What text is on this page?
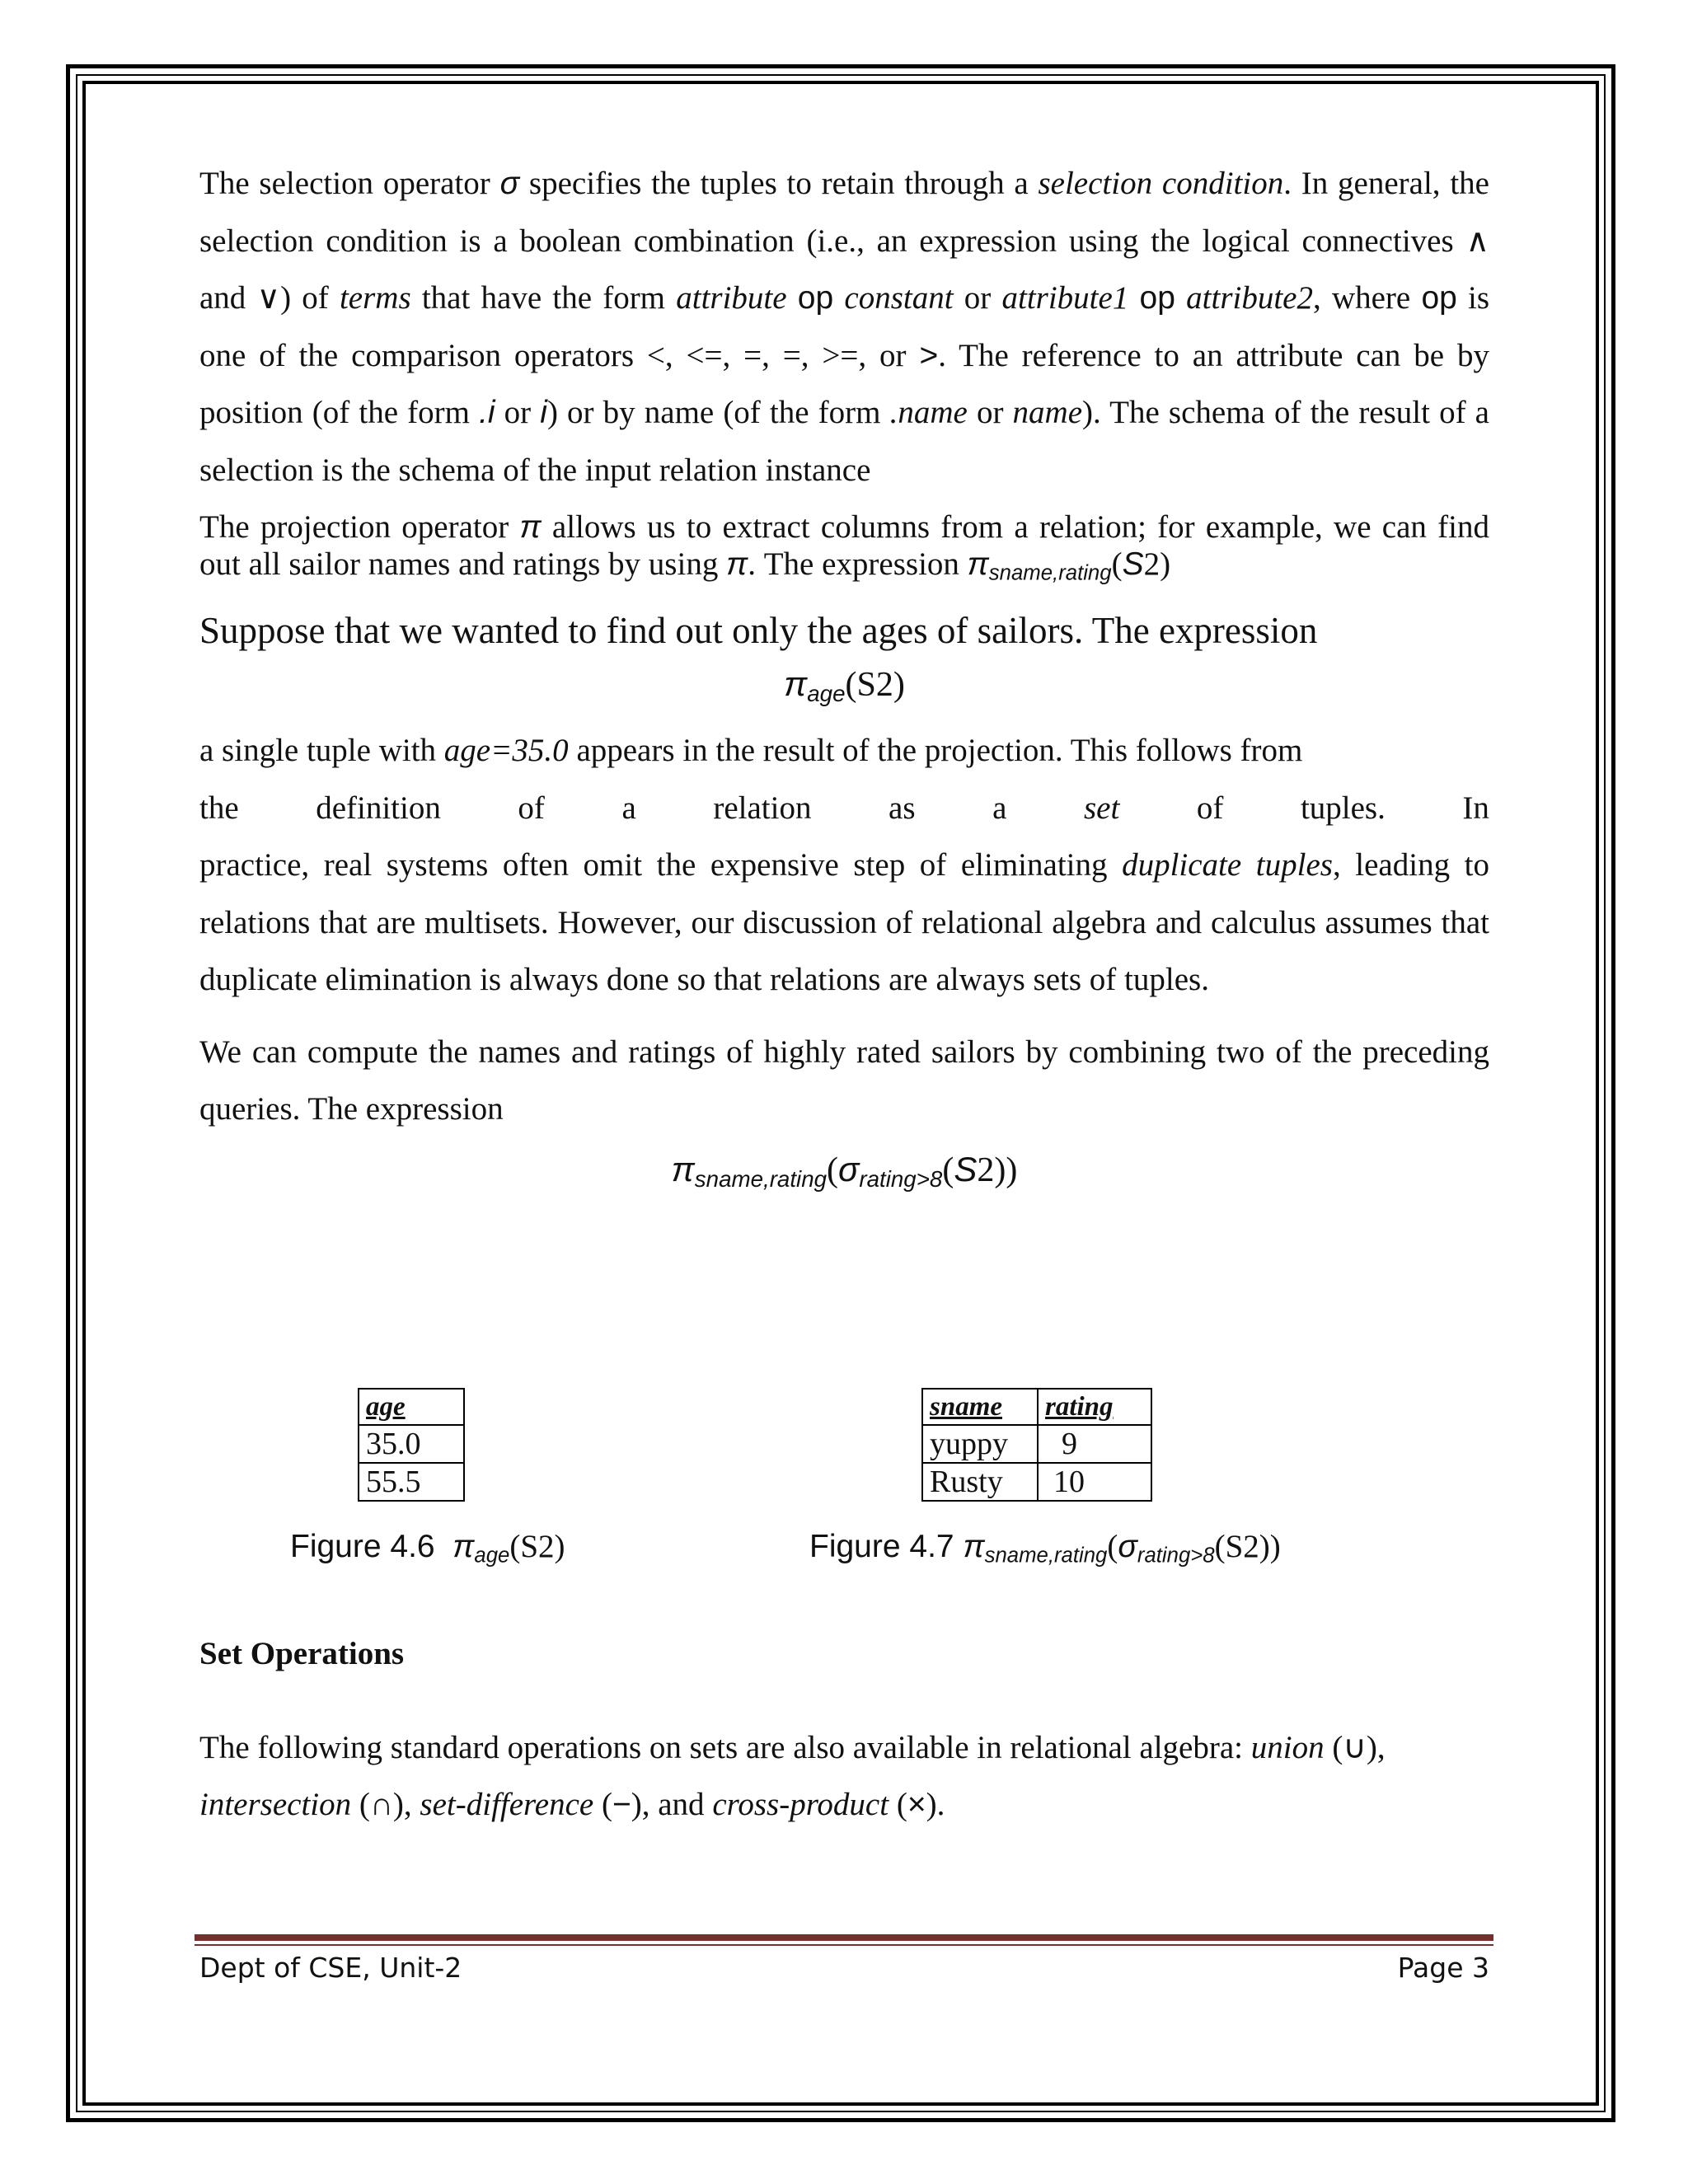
The selection operator σ specifies the tuples to retain through a selection condition. In general, the selection condition is a boolean combination (i.e., an expression using the logical connectives ∧ and ∨) of terms that have the form attribute op constant or attribute1 op attribute2, where op is one of the comparison operators <, <=, =, =, >=, or >. The reference to an attribute can be by position (of the form .i or i) or by name (of the form .name or name). The schema of the result of a selection is the schema of the input relation instance

The projection operator π allows us to extract columns from a relation; for example, we can find out all sailor names and ratings by using π. The expression $\pi_{sname,rating}(S2)$

Suppose that we wanted to find out only the ages of sailors. The expression

$\pi_{age}(S2)$

a single tuple with age=35.0 appears in the result of the projection. This follows from

the definition of a relation as a set of tuples. In

practice, real systems often omit the expensive step of eliminating duplicate tuples, leading to relations that are multisets. However, our discussion of relational algebra and calculus assumes that duplicate elimination is always done so that relations are always sets of tuples.

We can compute the names and ratings of highly rated sailors by combining two of the preceding queries. The expression

$\pi_{sname,rating}(\sigma_{rating>8}(S2))$
age
35.0
55.5
sname	rating
yuppy	9
Rusty	10
Figure 4.6 $\pi_{age}(S2)$	Figure 4.7 $\pi_{sname,rating}(\sigma_{rating>8}(S2))$
Set Operations

The following standard operations on sets are also available in relational algebra: union (∪), intersection (∩), set-difference (−), and cross-product (×).

Dept of CSE, Unit-2	Page 3
